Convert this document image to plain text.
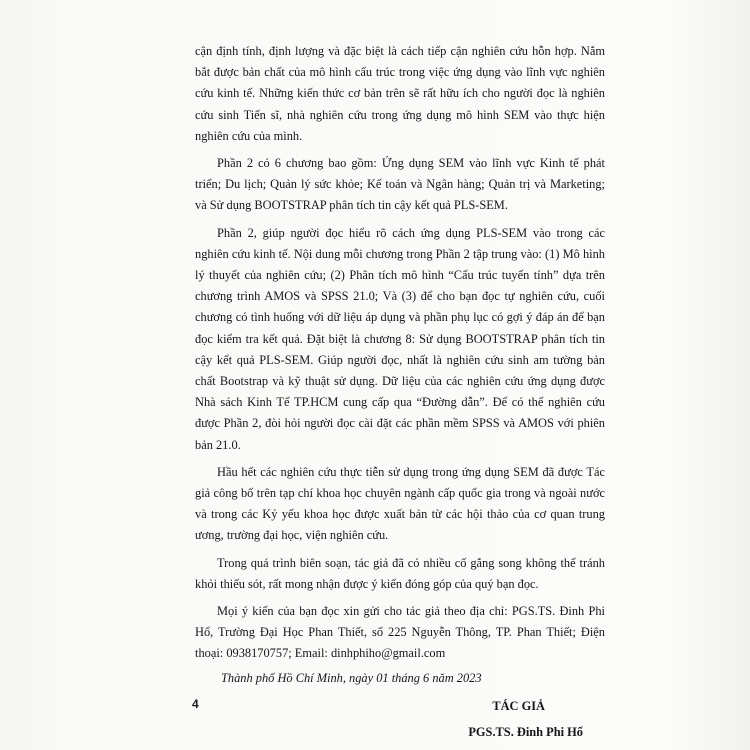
cận định tính, định lượng và đặc biệt là cách tiếp cận nghiên cứu hỗn hợp. Nắm bắt được bản chất của mô hình cấu trúc trong việc ứng dụng vào lĩnh vực nghiên cứu kinh tế. Những kiến thức cơ bản trên sẽ rất hữu ích cho người đọc là nghiên cứu sinh Tiến sĩ, nhà nghiên cứu trong ứng dụng mô hình SEM vào thực hiện nghiên cứu của mình.

Phần 2 có 6 chương bao gồm: Ứng dụng SEM vào lĩnh vực Kinh tế phát triển; Du lịch; Quản lý sức khỏe; Kế toán và Ngân hàng; Quản trị và Marketing; và Sử dụng BOOTSTRAP phân tích tin cậy kết quả PLS-SEM.

Phần 2, giúp người đọc hiểu rõ cách ứng dụng PLS-SEM vào trong các nghiên cứu kinh tế. Nội dung mỗi chương trong Phần 2 tập trung vào: (1) Mô hình lý thuyết của nghiên cứu; (2) Phân tích mô hình “Cấu trúc tuyến tính” dựa trên chương trình AMOS và SPSS 21.0; Và (3) để cho bạn đọc tự nghiên cứu, cuối chương có tình huống với dữ liệu áp dụng và phần phụ lục có gợi ý đáp án để bạn đọc kiểm tra kết quả. Đặt biệt là chương 8: Sử dụng BOOTSTRAP phân tích tin cậy kết quả PLS-SEM. Giúp người đọc, nhất là nghiên cứu sinh am tường bản chất Bootstrap và kỹ thuật sử dụng. Dữ liệu của các nghiên cứu ứng dụng được Nhà sách Kinh Tế TP.HCM cung cấp qua “Đường dẫn”. Để có thể nghiên cứu được Phần 2, đòi hỏi người đọc cài đặt các phần mềm SPSS và AMOS với phiên bản 21.0.

Hầu hết các nghiên cứu thực tiễn sử dụng trong ứng dụng SEM đã được Tác giả công bố trên tạp chí khoa học chuyên ngành cấp quốc gia trong và ngoài nước và trong các Kỷ yếu khoa học được xuất bản từ các hội thảo của cơ quan trung ương, trường đại học, viện nghiên cứu.

Trong quá trình biên soạn, tác giả đã có nhiều cố gắng song không thể tránh khỏi thiếu sót, rất mong nhận được ý kiến đóng góp của quý bạn đọc.

Mọi ý kiến của bạn đọc xin gửi cho tác giả theo địa chỉ: PGS.TS. Đinh Phi Hổ, Trường Đại Học Phan Thiết, số 225 Nguyễn Thông, TP. Phan Thiết; Điện thoại: 0938170757; Email: dinhphiho@gmail.com

Thành phố Hồ Chí Minh, ngày 01 tháng 6 năm 2023

TÁC GIẢ
PGS.TS. Đinh Phi Hổ
4
